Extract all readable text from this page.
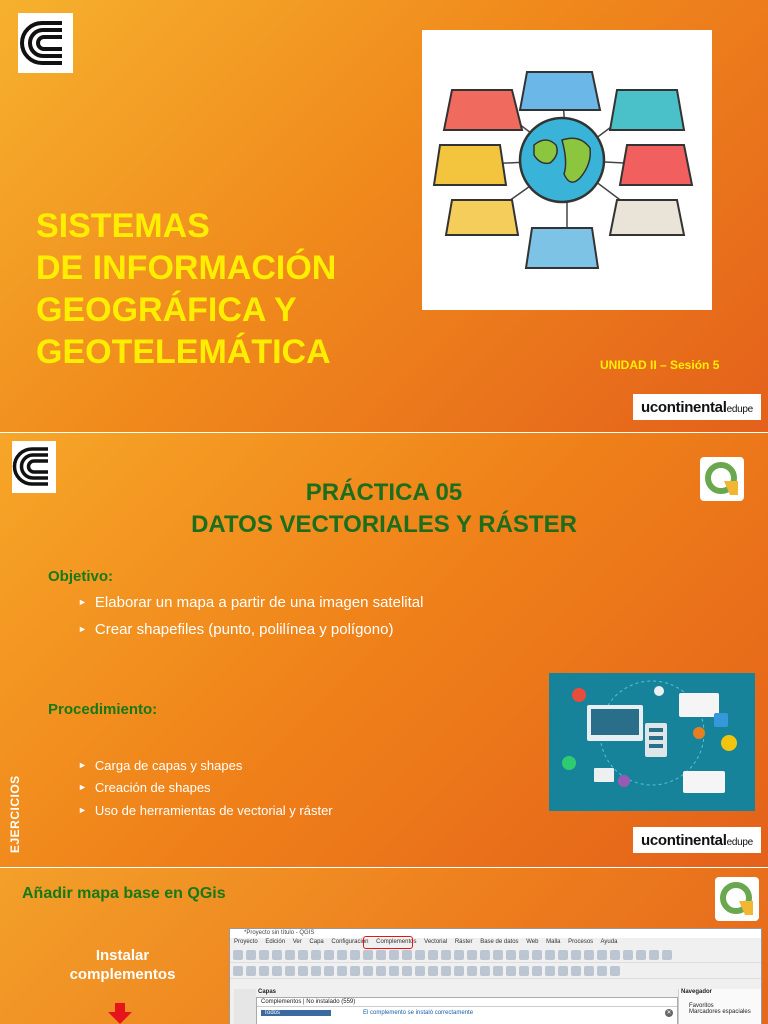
SISTEMAS
DE INFORMACIÓN
GEOGRÁFICA Y
GEOTELEMÁTICA	UNIDAD II – Sesión 5
ucontinentaledupe
PRÁCTICA 05
DATOS VECTORIALES Y RÁSTER
Objetivo:
► Elaborar un mapa a partir de una imagen satelital
► Crear shapefiles (punto, polilínea y polígono)
Procedimiento:
► Carga de capas y shapes
► Creación de shapes
► Uso de herramientas de vectorial y ráster
EJERCICIOS	ucontinentaledupe
Añadir mapa base en QGis
Instalar
complementos
*Proyecto sin título - QGIS
Proyecto Edición Ver Capa Configuración Complementos Vectorial Ráster Base de datos Web Malla Procesos Ayuda
Capas
Complementos | No instalado (559)
Todos	El complemento se instaló correctamente	✕
Navegador
Favoritos
Marcadores espaciales
